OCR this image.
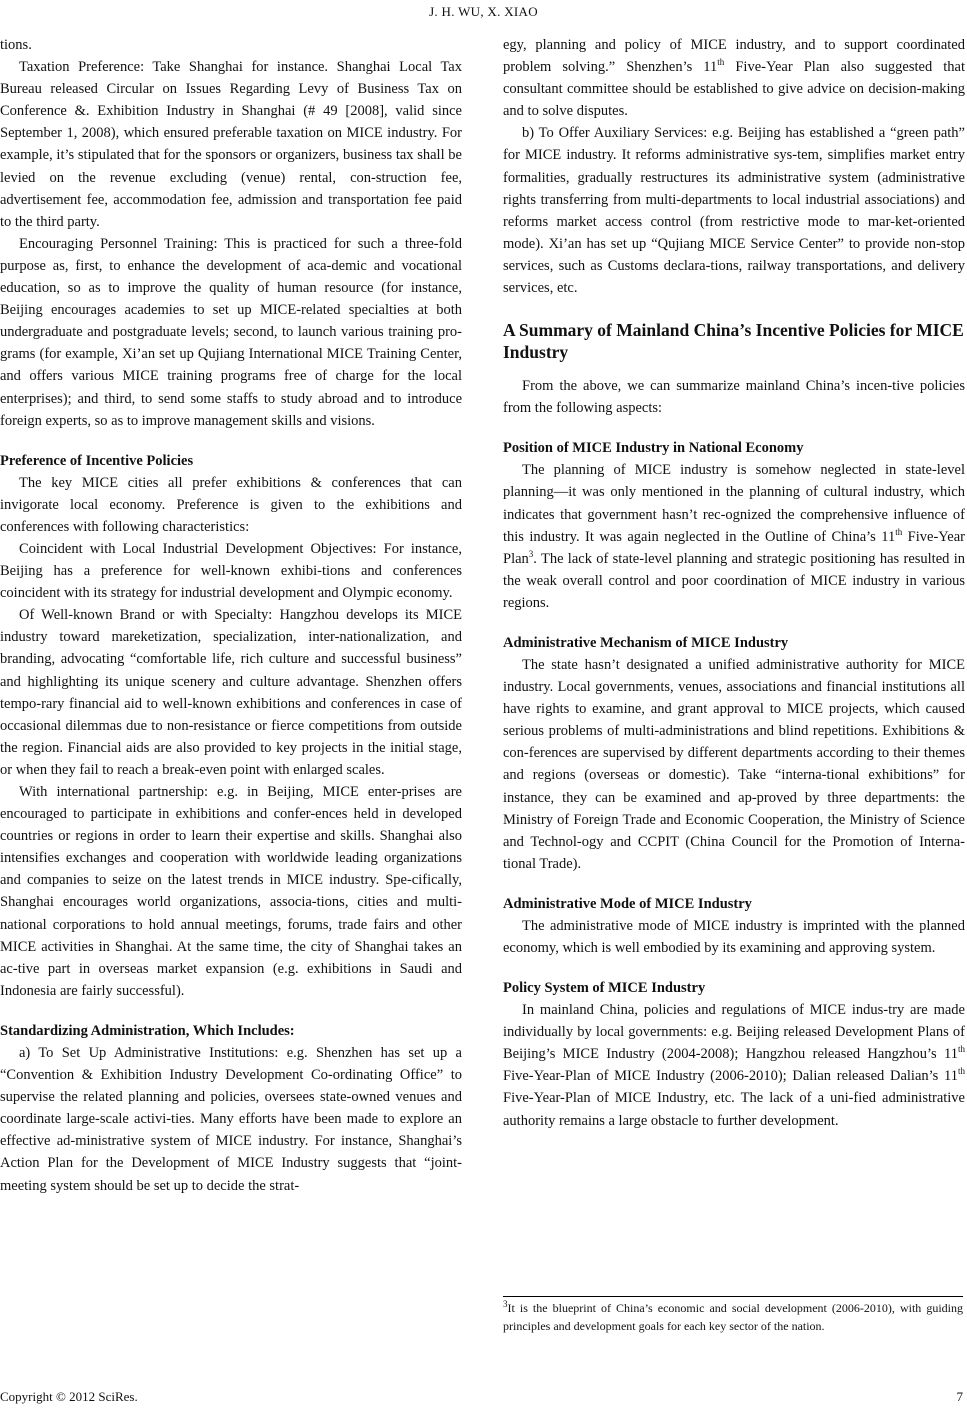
J. H. WU, X. XIAO

tions.

Taxation Preference: Take Shanghai for instance. Shanghai Local Tax Bureau released Circular on Issues Regarding Levy of Business Tax on Conference &. Exhibition Industry in Shanghai (# 49 [2008], valid since September 1, 2008), which ensured preferable taxation on MICE industry. For example, it’s stipulated that for the sponsors or organizers, business tax shall be levied on the revenue excluding (venue) rental, con-struction fee, advertisement fee, accommodation fee, admission and transportation fee paid to the third party.

Encouraging Personnel Training: This is practiced for such a three-fold purpose as, first, to enhance the development of aca-demic and vocational education, so as to improve the quality of human resource (for instance, Beijing encourages academies to set up MICE-related specialties at both undergraduate and postgraduate levels; second, to launch various training pro-grams (for example, Xi’an set up Qujiang International MICE Training Center, and offers various MICE training programs free of charge for the local enterprises); and third, to send some staffs to study abroad and to introduce foreign experts, so as to improve management skills and visions.

Preference of Incentive Policies

The key MICE cities all prefer exhibitions & conferences that can invigorate local economy. Preference is given to the exhibitions and conferences with following characteristics:

Coincident with Local Industrial Development Objectives: For instance, Beijing has a preference for well-known exhibi-tions and conferences coincident with its strategy for industrial development and Olympic economy.

Of Well-known Brand or with Specialty: Hangzhou develops its MICE industry toward mareketization, specialization, inter-nationalization, and branding, advocating “comfortable life, rich culture and successful business” and highlighting its unique scenery and culture advantage. Shenzhen offers tempo-rary financial aid to well-known exhibitions and conferences in case of occasional dilemmas due to non-resistance or fierce competitions from outside the region. Financial aids are also provided to key projects in the initial stage, or when they fail to reach a break-even point with enlarged scales.

With international partnership: e.g. in Beijing, MICE enter-prises are encouraged to participate in exhibitions and confer-ences held in developed countries or regions in order to learn their expertise and skills. Shanghai also intensifies exchanges and cooperation with worldwide leading organizations and companies to seize on the latest trends in MICE industry. Spe-cifically, Shanghai encourages world organizations, associa-tions, cities and multi-national corporations to hold annual meetings, forums, trade fairs and other MICE activities in Shanghai. At the same time, the city of Shanghai takes an ac-tive part in overseas market expansion (e.g. exhibitions in Saudi and Indonesia are fairly successful).

Standardizing Administration, Which Includes:

a) To Set Up Administrative Institutions: e.g. Shenzhen has set up a “Convention & Exhibition Industry Development Co-ordinating Office” to supervise the related planning and policies, oversees state-owned venues and coordinate large-scale activi-ties. Many efforts have been made to explore an effective ad-ministrative system of MICE industry. For instance, Shanghai’s Action Plan for the Development of MICE Industry suggests that “joint-meeting system should be set up to decide the strat-

egy, planning and policy of MICE industry, and to support coordinated problem solving.” Shenzhen’s 11th Five-Year Plan also suggested that consultant committee should be established to give advice on decision-making and to solve disputes.

b) To Offer Auxiliary Services: e.g. Beijing has established a “green path” for MICE industry. It reforms administrative sys-tem, simplifies market entry formalities, gradually restructures its administrative system (administrative rights transferring from multi-departments to local industrial associations) and reforms market access control (from restrictive mode to mar-ket-oriented mode). Xi’an has set up “Qujiang MICE Service Center” to provide non-stop services, such as Customs declara-tions, railway transportations, and delivery services, etc.

A Summary of Mainland China’s Incentive Policies for MICE Industry

From the above, we can summarize mainland China’s incen-tive policies from the following aspects:

Position of MICE Industry in National Economy

The planning of MICE industry is somehow neglected in state-level planning—it was only mentioned in the planning of cultural industry, which indicates that government hasn’t rec-ognized the comprehensive influence of this industry. It was again neglected in the Outline of China’s 11th Five-Year Plan$^3$. The lack of state-level planning and strategic positioning has resulted in the weak overall control and poor coordination of MICE industry in various regions.

Administrative Mechanism of MICE Industry

The state hasn’t designated a unified administrative authority for MICE industry. Local governments, venues, associations and financial institutions all have rights to examine, and grant approval to MICE projects, which caused serious problems of multi-administrations and blind repetitions. Exhibitions & con-ferences are supervised by different departments according to their themes and regions (overseas or domestic). Take “interna-tional exhibitions” for instance, they can be examined and ap-proved by three departments: the Ministry of Foreign Trade and Economic Cooperation, the Ministry of Science and Technol-ogy and CCPIT (China Council for the Promotion of Interna-tional Trade).

Administrative Mode of MICE Industry

The administrative mode of MICE industry is imprinted with the planned economy, which is well embodied by its examining and approving system.

Policy System of MICE Industry

In mainland China, policies and regulations of MICE indus-try are made individually by local governments: e.g. Beijing released Development Plans of Beijing’s MICE Industry (2004-2008); Hangzhou released Hangzhou’s 11th Five-Year-Plan of MICE Industry (2006-2010); Dalian released Dalian’s 11th Five-Year-Plan of MICE Industry, etc. The lack of a uni-fied administrative authority remains a large obstacle to further development.

$^3$It is the blueprint of China’s economic and social development (2006-2010), with guiding principles and development goals for each key sector of the nation.
Copyright © 2012 SciRes.	7
